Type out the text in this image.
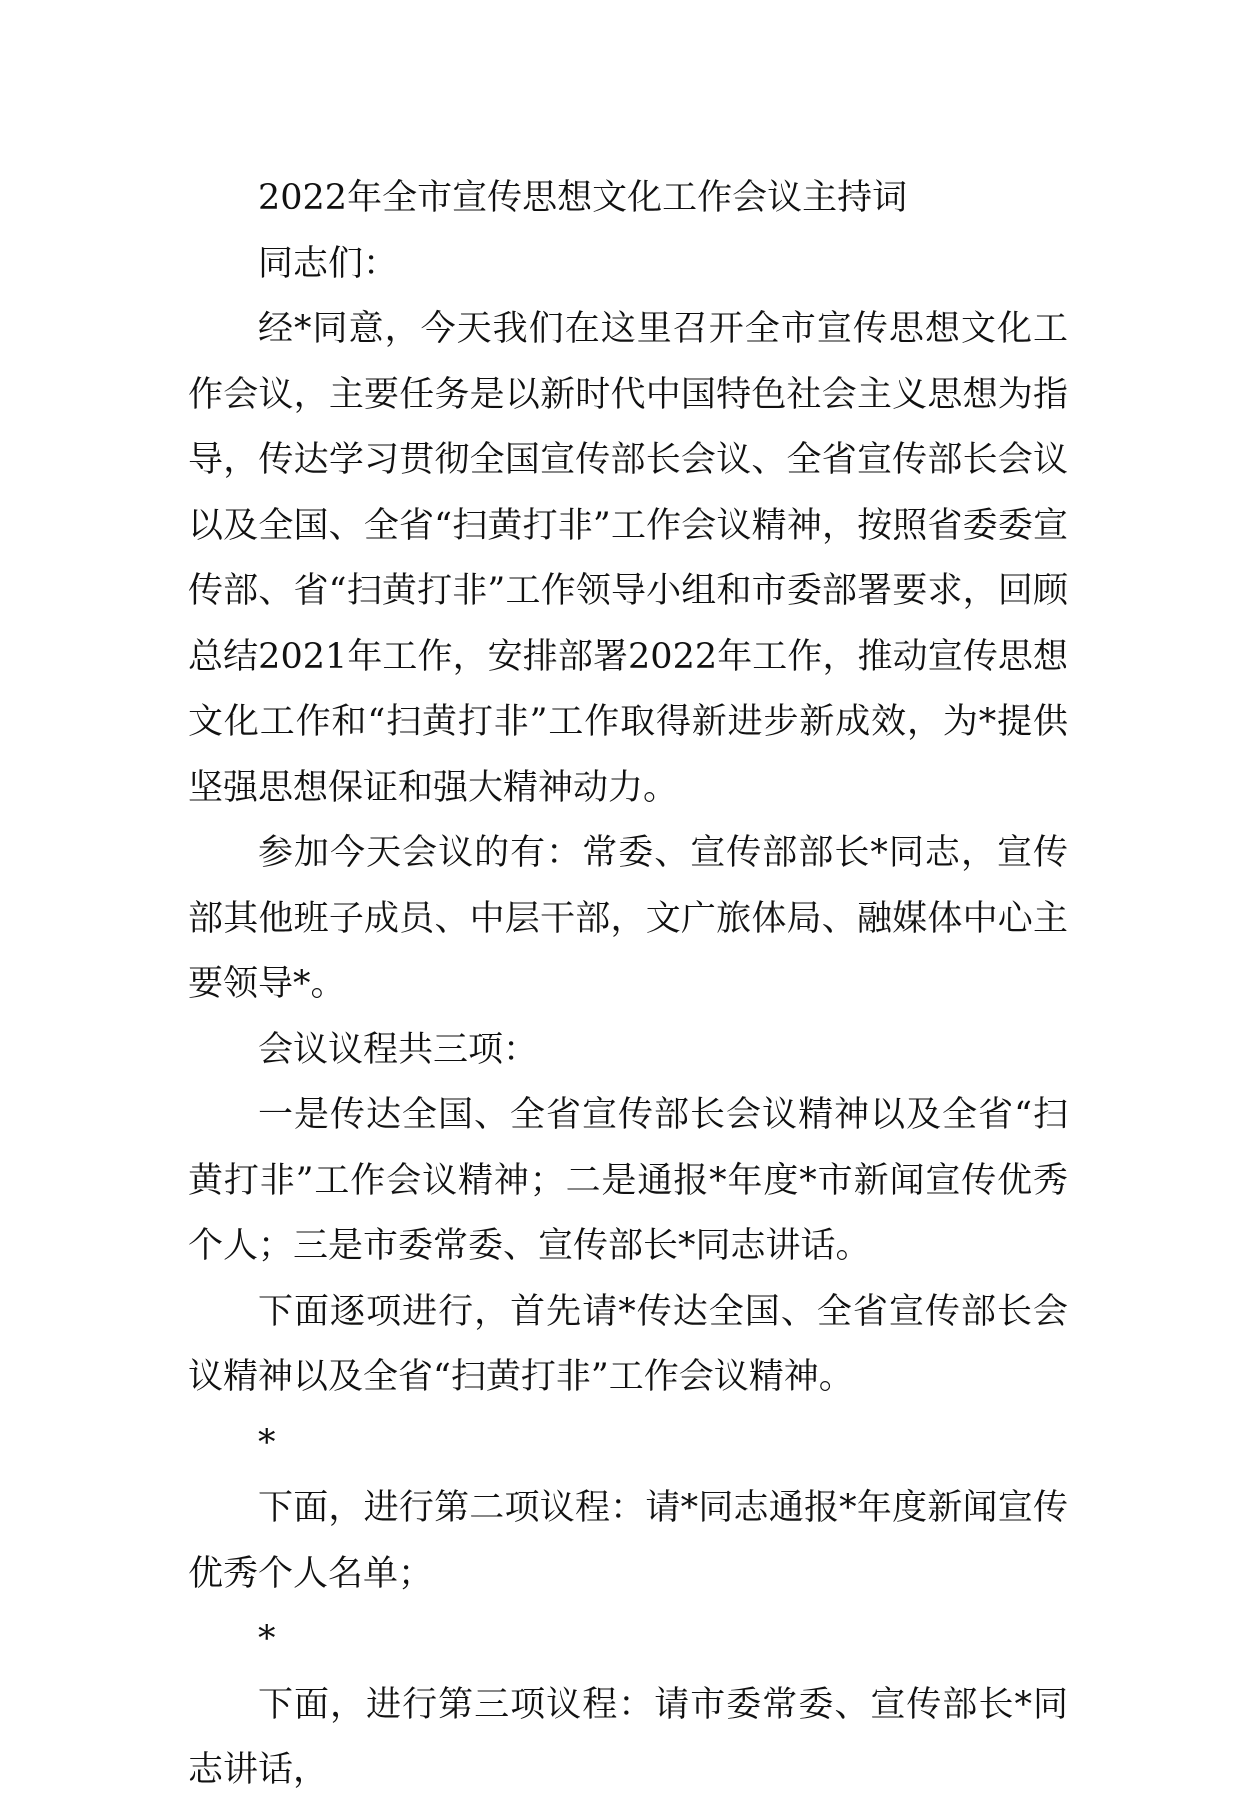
2022年全市宣传思想文化工作会议主持词

同志们：

经*同意，今天我们在这里召开全市宣传思想文化工作会议，主要任务是以新时代中国特色社会主义思想为指导，传达学习贯彻全国宣传部长会议、全省宣传部长会议以及全国、全省“扫黄打非”工作会议精神，按照省委委宣传部、省“扫黄打非”工作领导小组和市委部署要求，回顾总结2021年工作，安排部署2022年工作，推动宣传思想文化工作和“扫黄打非”工作取得新进步新成效，为*提供坚强思想保证和强大精神动力。

参加今天会议的有：常委、宣传部部长*同志，宣传部其他班子成员、中层干部，文广旅体局、融媒体中心主要领导*。

会议议程共三项：

一是传达全国、全省宣传部长会议精神以及全省“扫黄打非”工作会议精神；二是通报*年度*市新闻宣传优秀个人；三是市委常委、宣传部长*同志讲话。

下面逐项进行，首先请*传达全国、全省宣传部长会议精神以及全省“扫黄打非”工作会议精神。

*

下面，进行第二项议程：请*同志通报*年度新闻宣传优秀个人名单；

*

下面，进行第三项议程：请市委常委、宣传部长*同志讲话，
